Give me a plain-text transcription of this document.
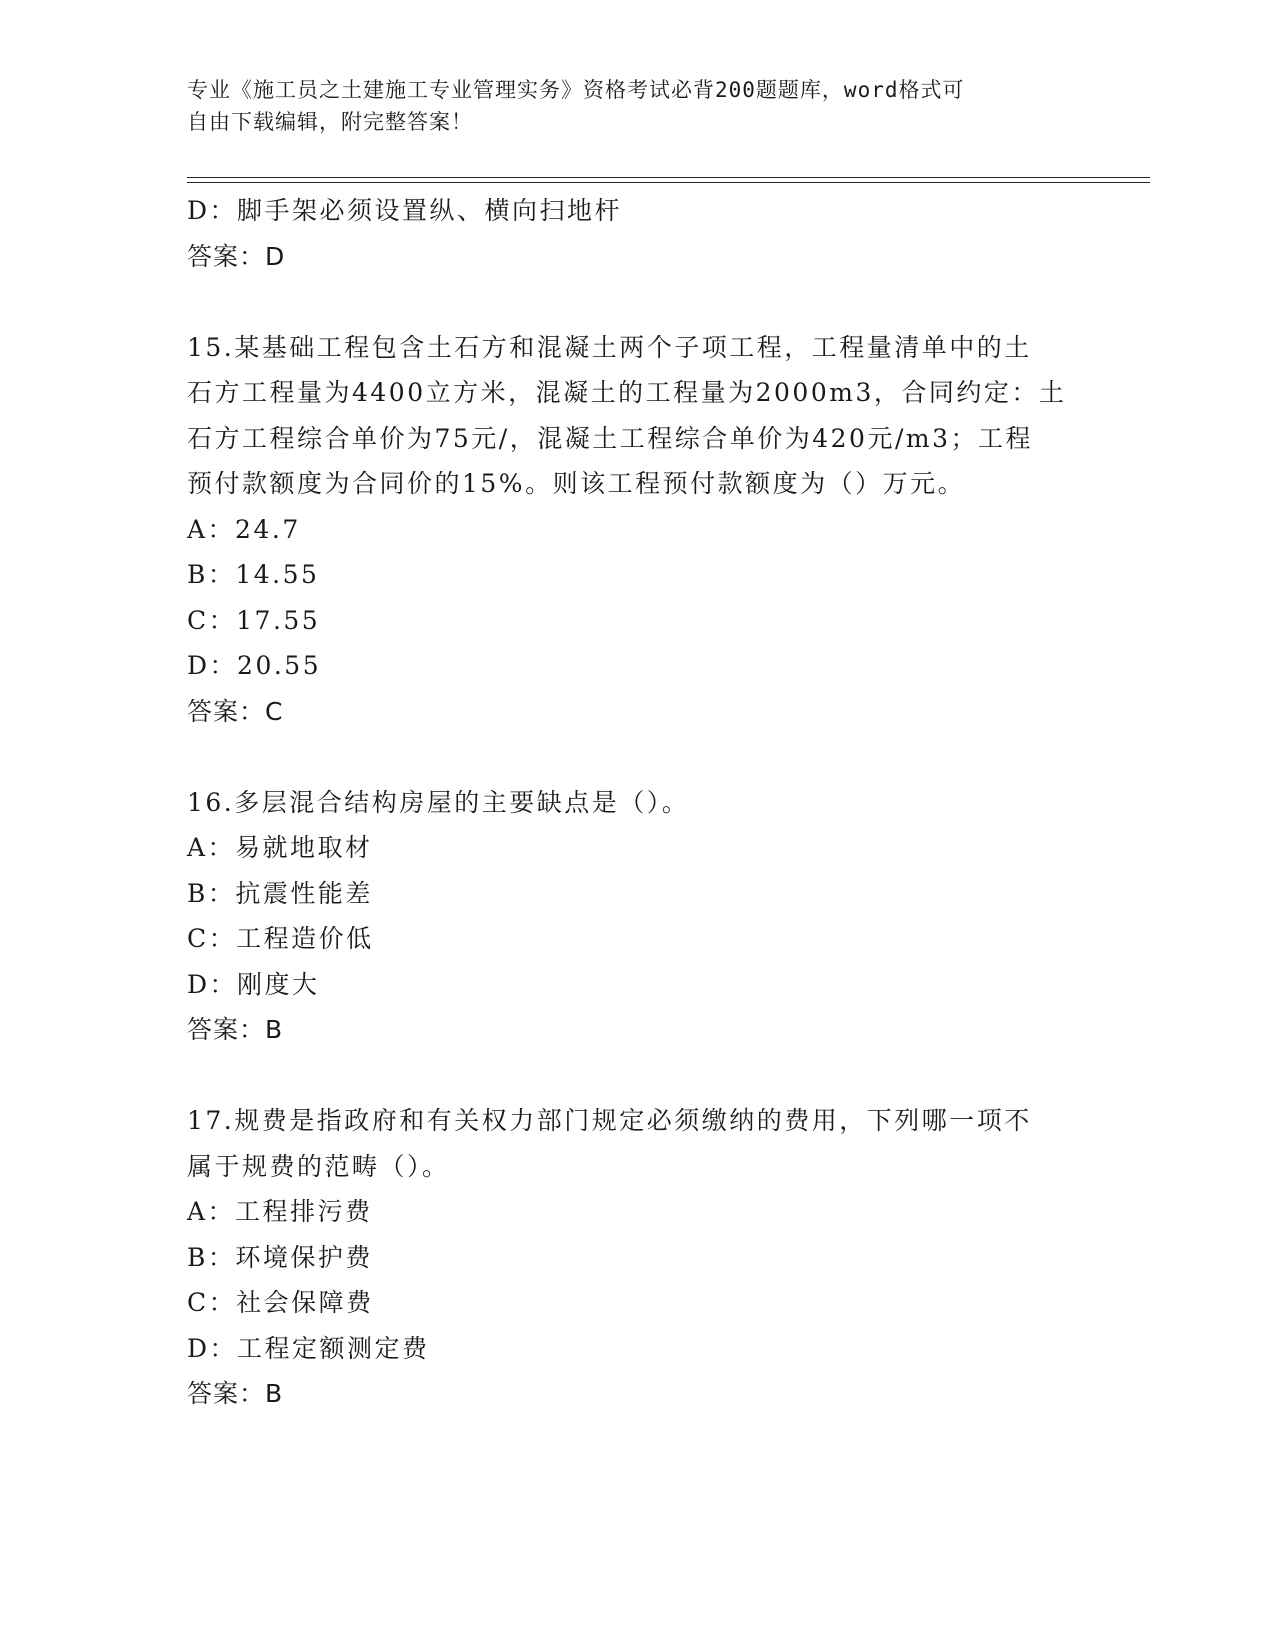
专业《施工员之土建施工专业管理实务》资格考试必背200题题库，word格式可
自由下载编辑，附完整答案！
D：脚手架必须设置纵、横向扫地杆
答案：D
15.某基础工程包含土石方和混凝土两个子项工程，工程量清单中的土
石方工程量为4400立方米，混凝土的工程量为2000m3，合同约定：土
石方工程综合单价为75元/，混凝土工程综合单价为420元/m3；工程
预付款额度为合同价的15%。则该工程预付款额度为（）万元。
A：24.7
B：14.55
C：17.55
D：20.55
答案：C
16.多层混合结构房屋的主要缺点是（）。
A：易就地取材
B：抗震性能差
C：工程造价低
D：刚度大
答案：B
17.规费是指政府和有关权力部门规定必须缴纳的费用，下列哪一项不
属于规费的范畴（）。
A：工程排污费
B：环境保护费
C：社会保障费
D：工程定额测定费
答案：B
